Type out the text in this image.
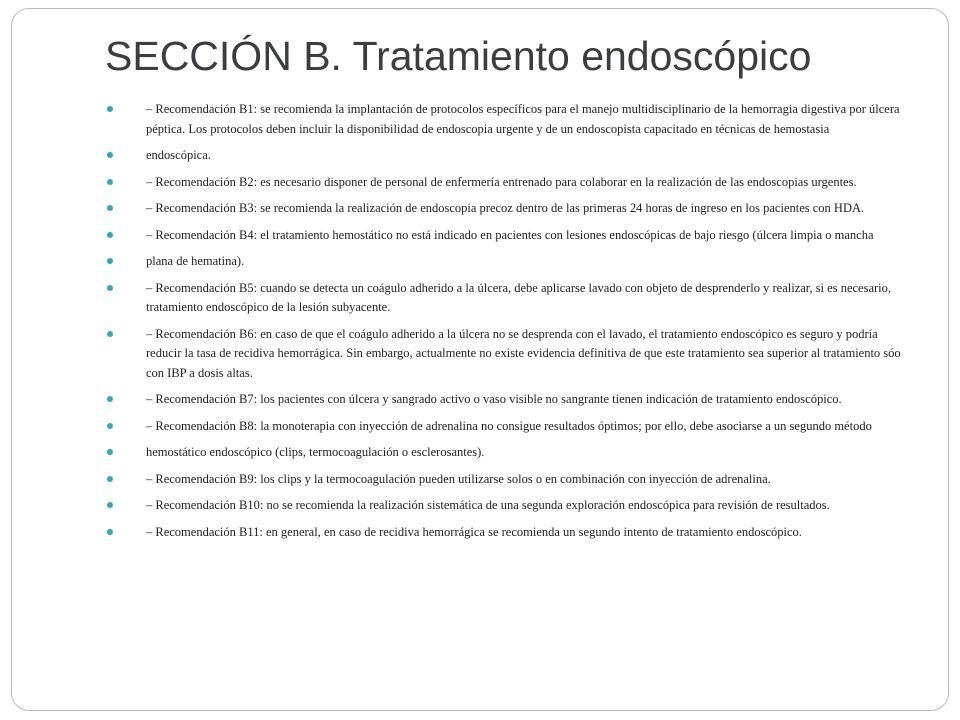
SECCIÓN B. Tratamiento endoscópico
– Recomendación B1: se recomienda la implantación de protocolos específicos para el manejo multidisciplinario de la hemorragia digestiva por úlcera péptica. Los protocolos deben incluir la disponibilidad de endoscopia urgente y de un endoscopista capacitado en técnicas de hemostasia
endoscópica.
– Recomendación B2: es necesario disponer de personal de enfermería entrenado para colaborar en la realización de las endoscopias urgentes.
– Recomendación B3: se recomienda la realización de endoscopia precoz dentro de las primeras 24 horas de ingreso en los pacientes con HDA.
– Recomendación B4: el tratamiento hemostático no está indicado en pacientes con lesiones endoscópicas de bajo riesgo (úlcera limpia o mancha
plana de hematina).
– Recomendación B5: cuando se detecta un coágulo adherido a la úlcera, debe aplicarse lavado con objeto de desprenderlo y realizar, si es necesario, tratamiento endoscópico de la lesión subyacente.
– Recomendación B6: en caso de que el coágulo adherido a la úlcera no se desprenda con el lavado, el tratamiento endoscópico es seguro y podría reducir la tasa de recidiva hemorrágica. Sin embargo, actualmente no existe evidencia definitiva de que este tratamiento sea superior al tratamiento sóo con IBP a dosis altas.
– Recomendación B7: los pacientes con úlcera y sangrado activo o vaso visible no sangrante tienen indicación de tratamiento endoscópico.
– Recomendación B8: la monoterapia con inyección de adrenalina no consigue resultados óptimos; por ello, debe asociarse a un segundo método
hemostático endoscópico (clips, termocoagulación o esclerosantes).
– Recomendación B9: los clips y la termocoagulación pueden utilizarse solos o en combinación con inyección de adrenalina.
– Recomendación B10: no se recomienda la realización sistemática de una segunda exploración endoscópica para revisión de resultados.
– Recomendación B11: en general, en caso de recidiva hemorrágica se recomienda un segundo intento de tratamiento endoscópico.
